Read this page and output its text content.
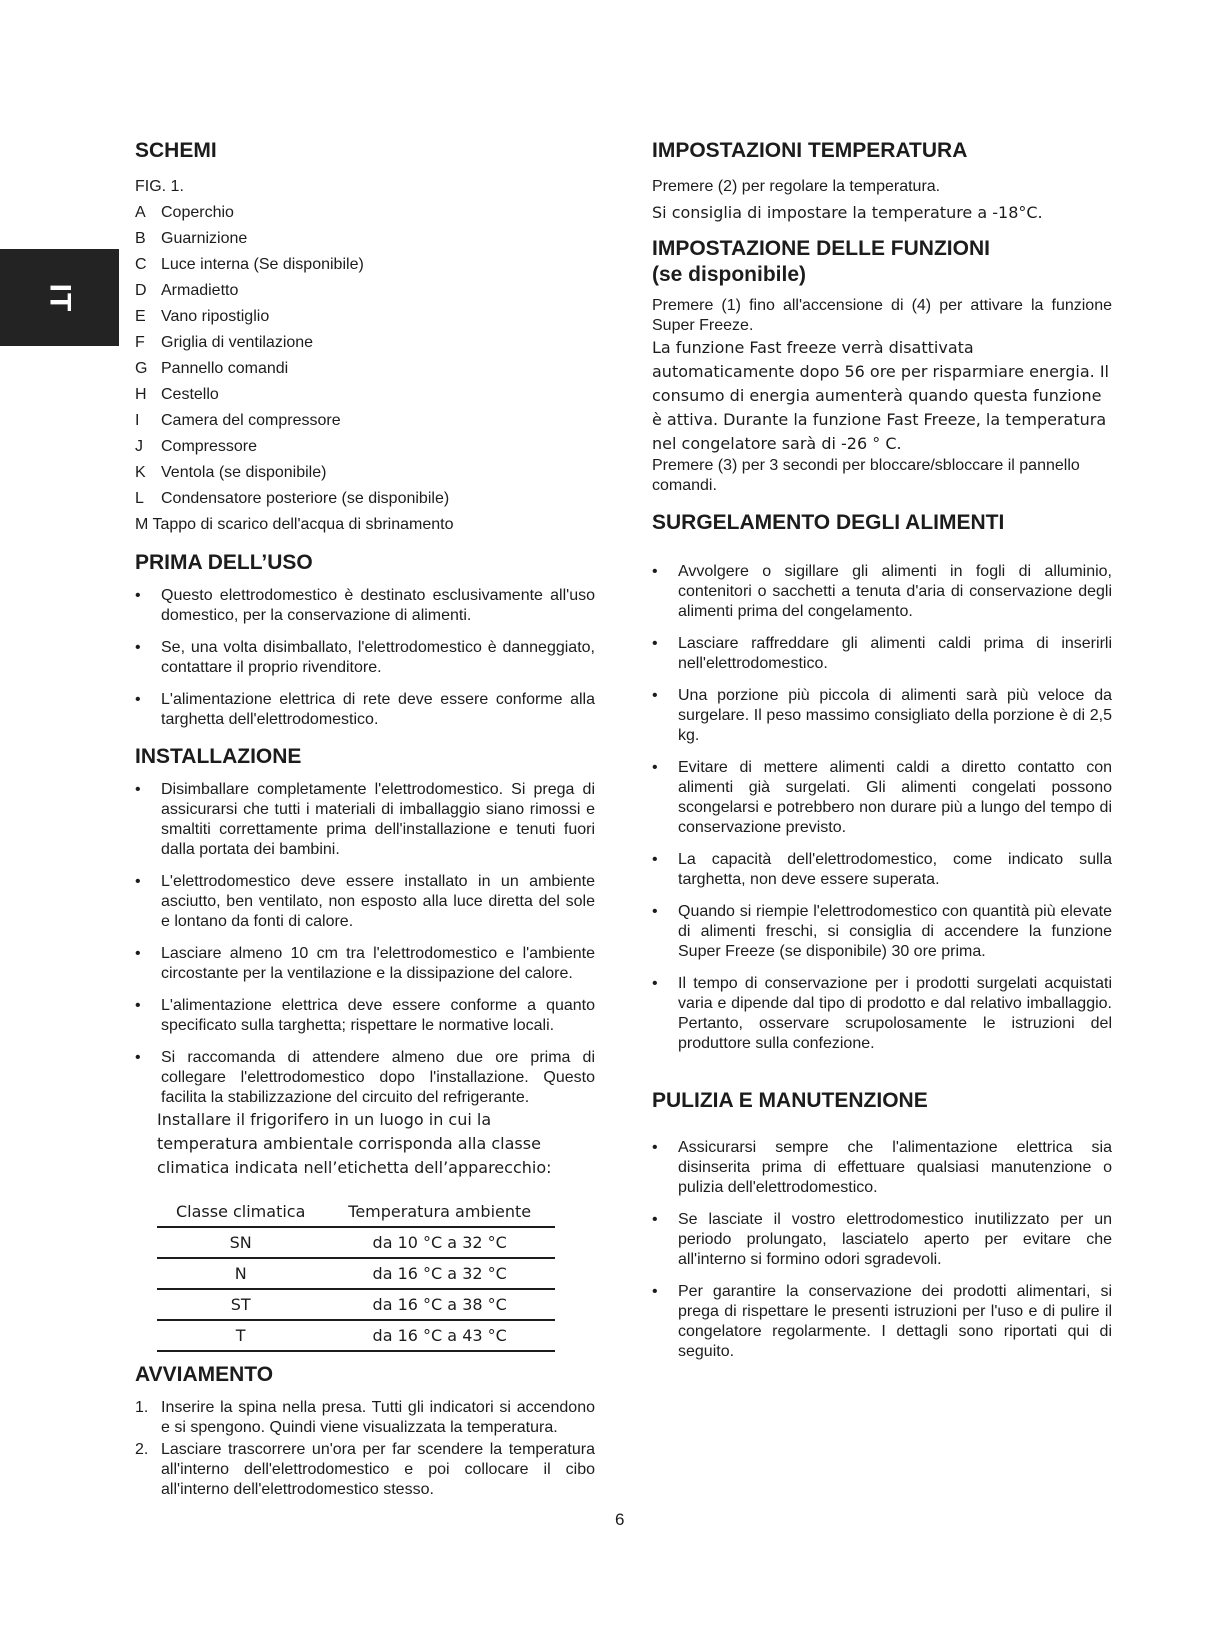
IT
SCHEMI
FIG. 1.
A Coperchio
B Guarnizione
C Luce interna (Se disponibile)
D Armadietto
E Vano ripostiglio
F	Griglia di ventilazione
G Pannello comandi
H Cestello
I	Camera del compressore
J	Compressore
K Ventola (se disponibile)
L	Condensatore posteriore (se disponibile)
M Tappo di scarico dell'acqua di sbrinamento
PRIMA DELL’USO
• Questo elettrodomestico è destinato esclusivamente all'uso domestico, per la conservazione di alimenti.
• Se, una volta disimballato, l'elettrodomestico è danneggiato, contattare il proprio rivenditore.
• L'alimentazione elettrica di rete deve essere conforme alla targhetta dell'elettrodomestico.
INSTALLAZIONE
• Disimballare completamente l'elettrodomestico. Si prega di assicurarsi che tutti i materiali di imballaggio siano rimossi e smaltiti correttamente prima dell'installazione e tenuti fuori dalla portata dei bambini.
• L'elettrodomestico deve essere installato in un ambiente asciutto, ben ventilato, non esposto alla luce diretta del sole e lontano da fonti di calore.
• Lasciare almeno 10 cm tra l'elettrodomestico e l'ambiente circostante per la ventilazione e la dissipazione del calore.
• L'alimentazione elettrica deve essere conforme a quanto specificato sulla targhetta; rispettare le normative locali.
• Si raccomanda di attendere almeno due ore prima di collegare l'elettrodomestico dopo l'installazione. Questo facilita la stabilizzazione del circuito del refrigerante.

Installare il frigorifero in un luogo in cui la temperatura ambientale corrisponda alla classe climatica indicata nell’etichetta dell’apparecchio:

Classe climatica	Temperatura ambiente
SN	da 10 °C a 32 °C
N	da 16 °C a 32 °C
ST	da 16 °C a 38 °C
T	da 16 °C a 43 °C
AVVIAMENTO
1. Inserire la spina nella presa. Tutti gli indicatori si accendono e si spengono. Quindi viene visualizzata la temperatura.
2. Lasciare trascorrere un'ora per far scendere la temperatura all'interno dell'elettrodomestico e poi collocare il cibo all'interno dell'elettrodomestico stesso.
IMPOSTAZIONI TEMPERATURA

Premere (2) per regolare la temperatura.

Si consiglia di impostare la temperature a -18°C.

IMPOSTAZIONE DELLE FUNZIONI
(se disponibile)

Premere (1) fino all'accensione di (4) per attivare la funzione Super Freeze.

La funzione Fast freeze verrà disattivata automaticamente dopo 56 ore per risparmiare energia. Il consumo di energia aumenterà quando questa funzione è attiva. Durante la funzione Fast Freeze, la temperatura nel congelatore sarà di -26 ° C.

Premere (3) per 3 secondi per bloccare/sbloccare il pannello comandi.

SURGELAMENTO DEGLI ALIMENTI
• Avvolgere o sigillare gli alimenti in fogli di alluminio, contenitori o sacchetti a tenuta d'aria di conservazione degli alimenti prima del congelamento.
• Lasciare raffreddare gli alimenti caldi prima di inserirli nell'elettrodomestico.
• Una porzione più piccola di alimenti sarà più veloce da surgelare. Il peso massimo consigliato della porzione è di 2,5 kg.
• Evitare di mettere alimenti caldi a diretto contatto con alimenti già surgelati. Gli alimenti congelati possono scongelarsi e potrebbero non durare più a lungo del tempo di conservazione previsto.
• La capacità dell'elettrodomestico, come indicato sulla targhetta, non deve essere superata.
• Quando si riempie l'elettrodomestico con quantità più elevate di alimenti freschi, si consiglia di accendere la funzione Super Freeze (se disponibile) 30 ore prima.
• Il tempo di conservazione per i prodotti surgelati acquistati varia e dipende dal tipo di prodotto e dal relativo imballaggio. Pertanto, osservare scrupolosamente le istruzioni del produttore sulla confezione.
PULIZIA E MANUTENZIONE
• Assicurarsi sempre che l'alimentazione elettrica sia disinserita prima di effettuare qualsiasi manutenzione o pulizia dell'elettrodomestico.
• Se lasciate il vostro elettrodomestico inutilizzato per un periodo prolungato, lasciatelo aperto per evitare che all'interno si formino odori sgradevoli.
• Per garantire la conservazione dei prodotti alimentari, si prega di rispettare le presenti istruzioni per l'uso e di pulire il congelatore regolarmente. I dettagli sono riportati qui di seguito.
6
